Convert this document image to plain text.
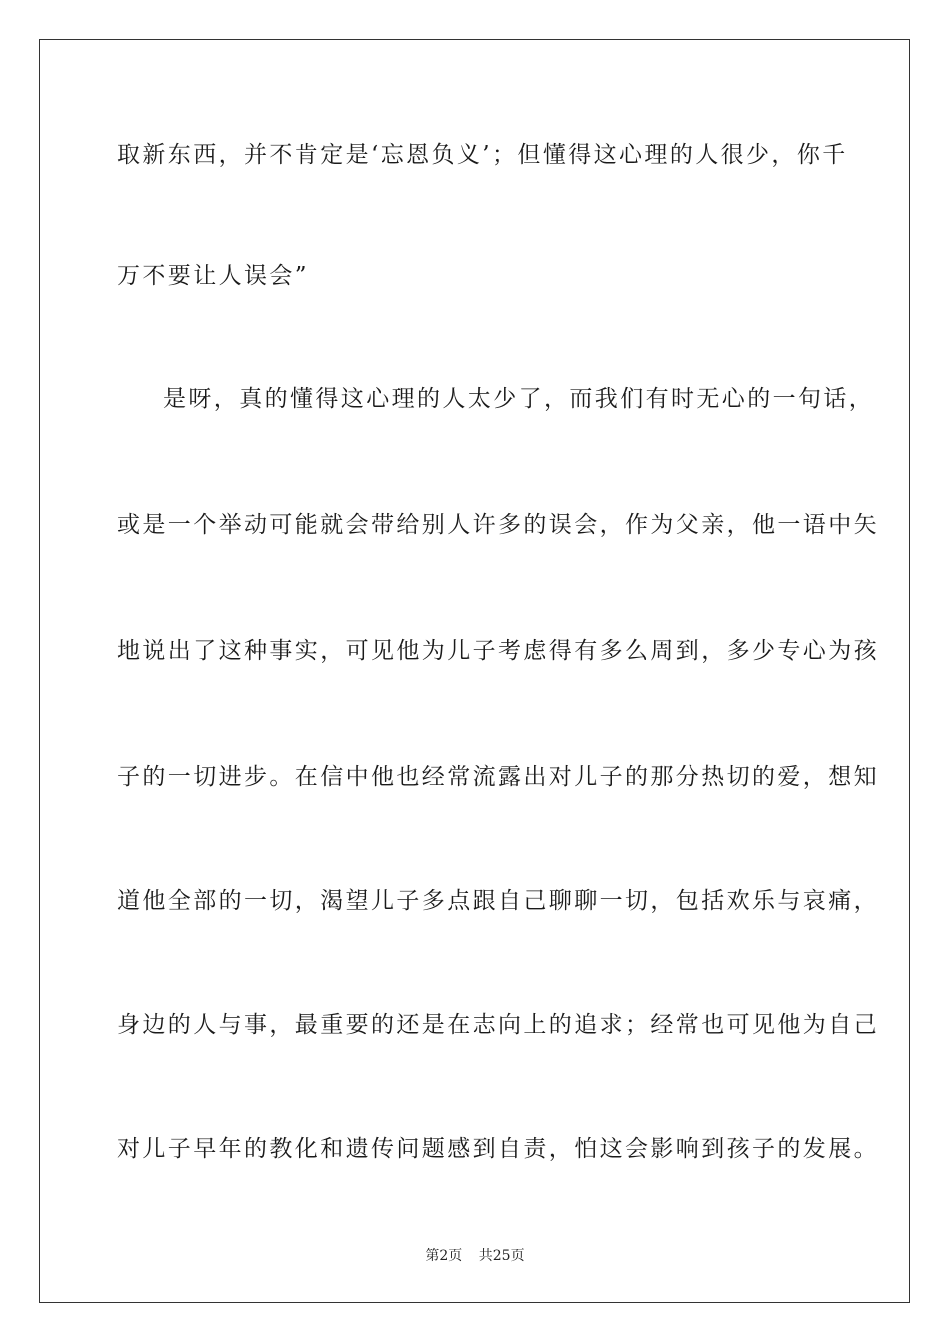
取新东西，并不肯定是‘忘恩负义’；但懂得这心理的人很少，你千
万不要让人误会”
是呀，真的懂得这心理的人太少了，而我们有时无心的一句话，
或是一个举动可能就会带给别人许多的误会，作为父亲，他一语中矢
地说出了这种事实，可见他为儿子考虑得有多么周到，多少专心为孩
子的一切进步。在信中他也经常流露出对儿子的那分热切的爱，想知
道他全部的一切，渴望儿子多点跟自己聊聊一切，包括欢乐与哀痛，
身边的人与事，最重要的还是在志向上的追求；经常也可见他为自己
对儿子早年的教化和遗传问题感到自责，怕这会影响到孩子的发展。
第2页 共25页
